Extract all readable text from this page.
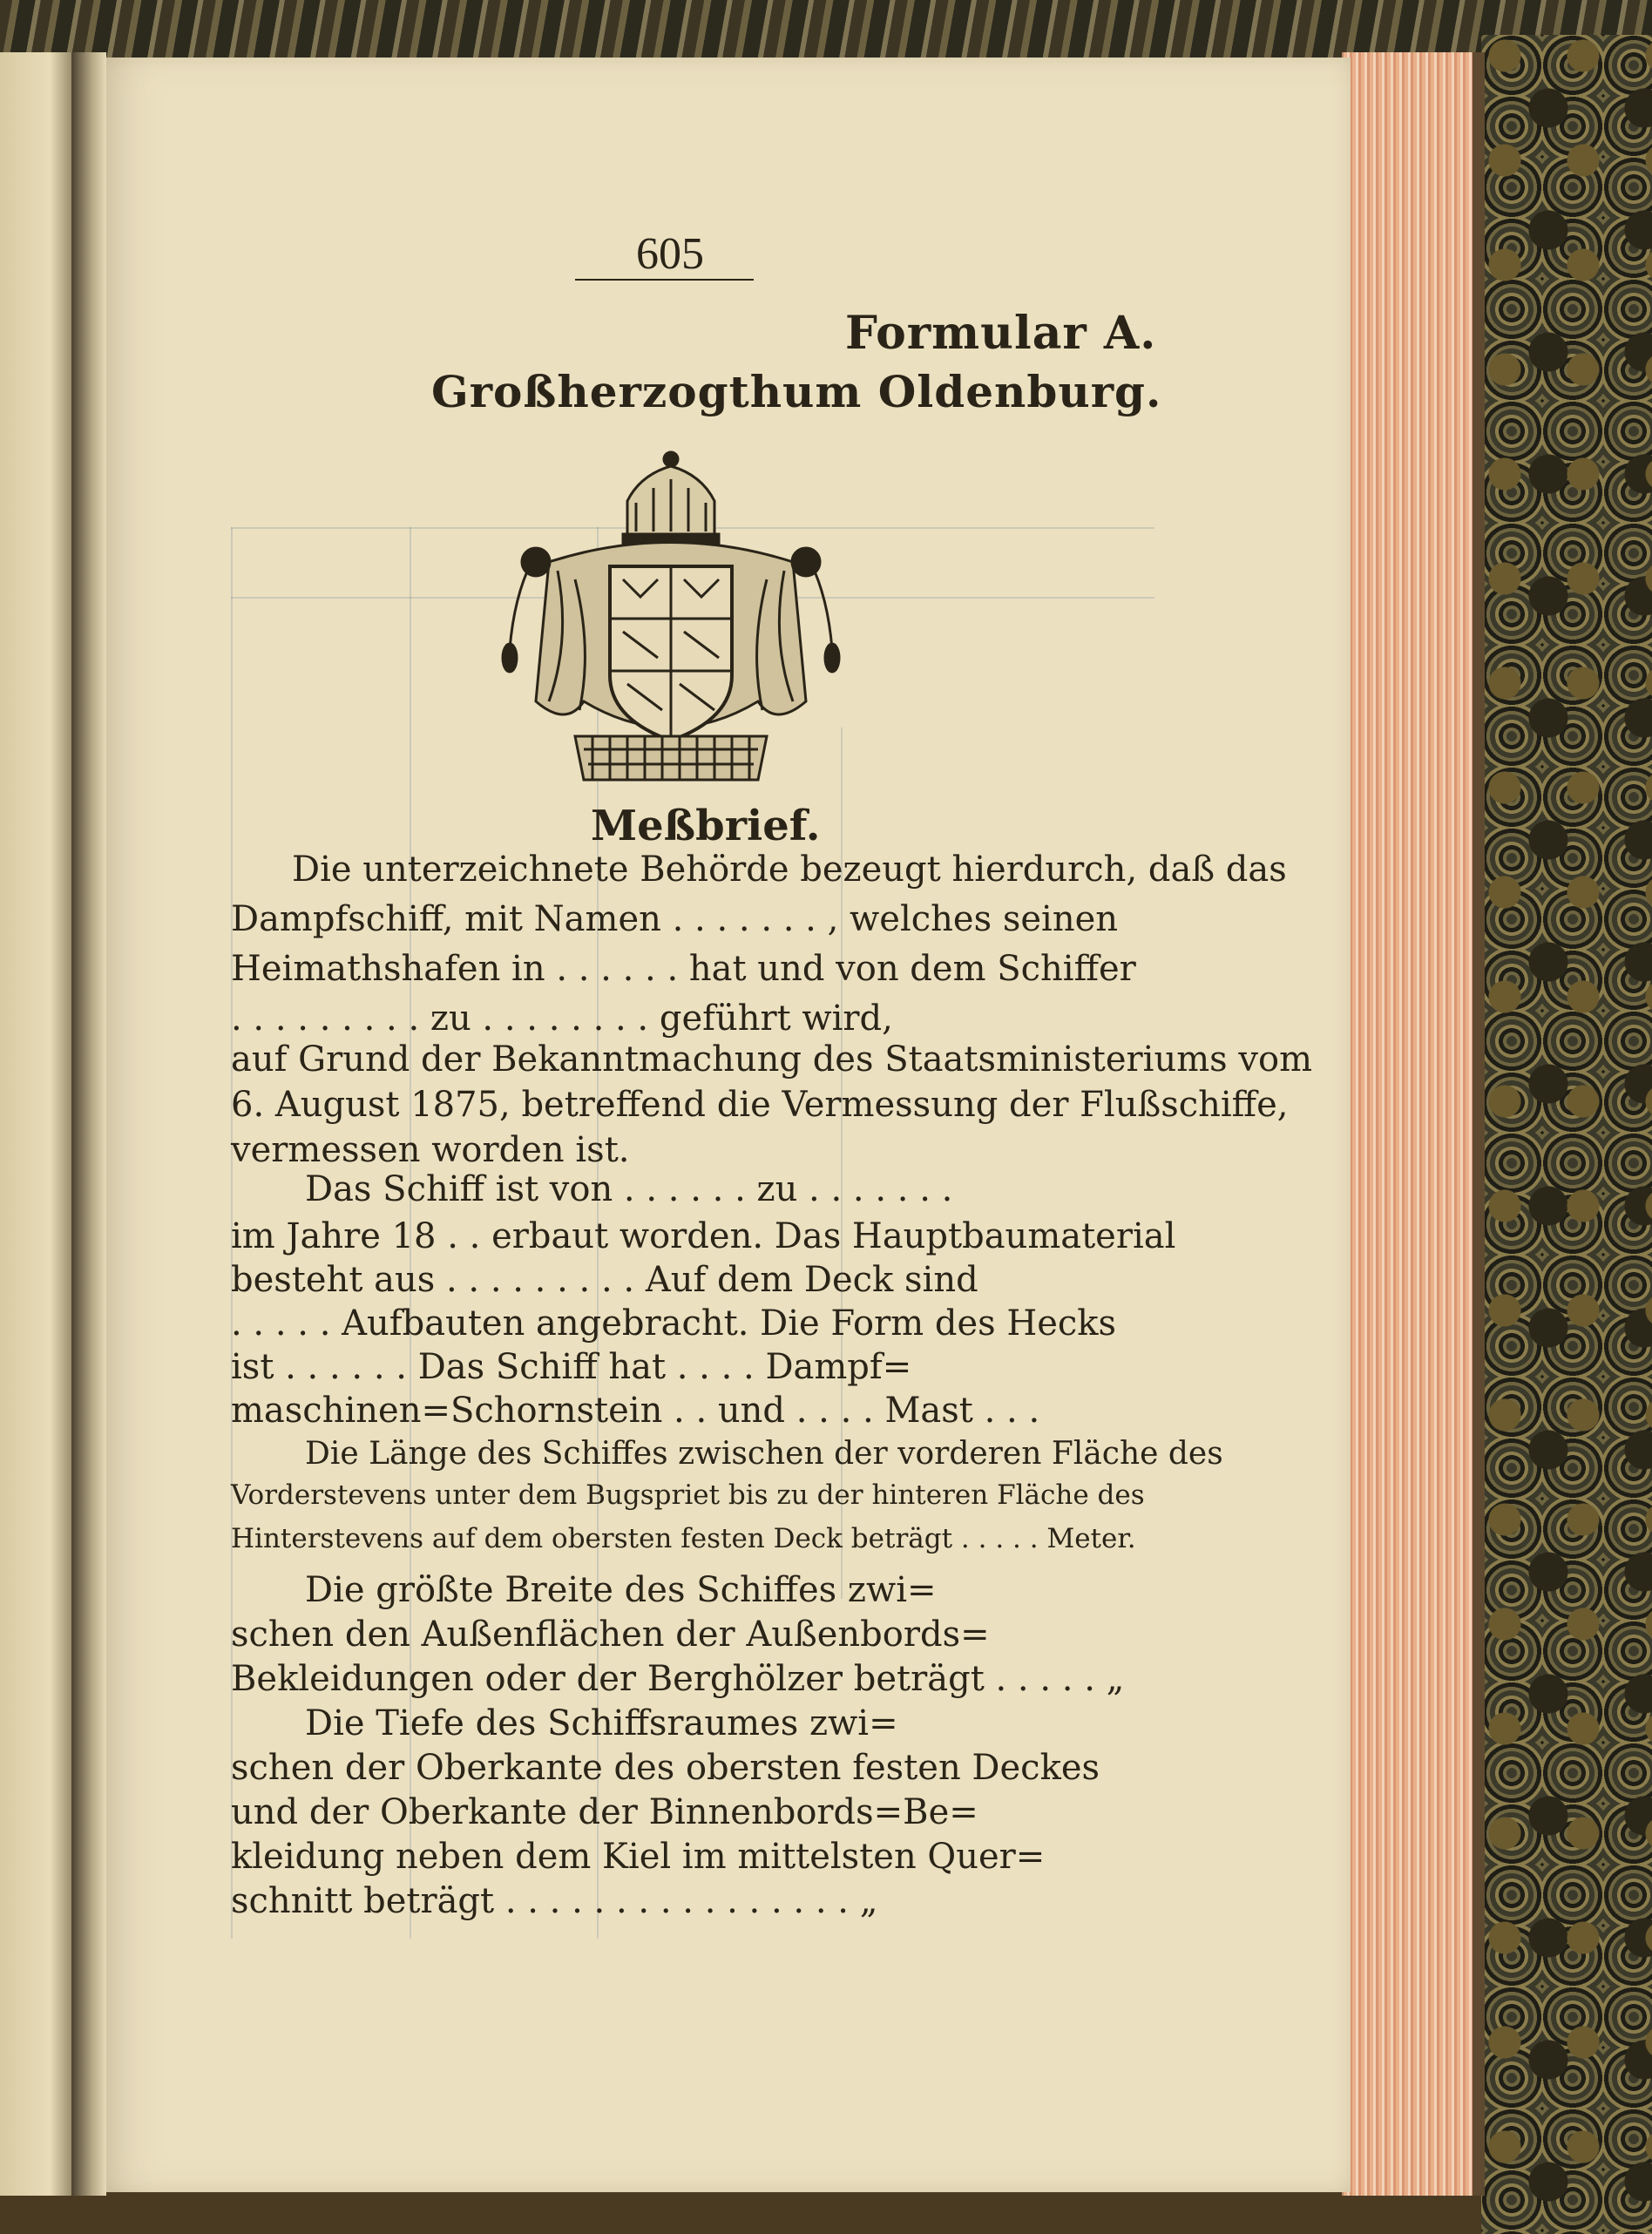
605
Formular A.
Großherzogthum Oldenburg.
Meßbrief.
Die unterzeichnete Behörde bezeugt hierdurch, daß das
Dampfschiff, mit Namen . . . . . . . , welches seinen
Heimathshafen in . . . . . . hat und von dem Schiffer
. . . . . . . . . zu . . . . . . . . geführt wird,
auf Grund der Bekanntmachung des Staatsministeriums vom
6. August 1875, betreffend die Vermessung der Flußschiffe,
vermessen worden ist.
Das Schiff ist von . . . . . . zu . . . . . . .
im Jahre 18 . . erbaut worden. Das Hauptbaumaterial
besteht aus . . . . . . . . . Auf dem Deck sind
. . . . . Aufbauten angebracht. Die Form des Hecks
ist . . . . . . Das Schiff hat . . . . Dampf=
maschinen=Schornstein . . und . . . . Mast . . .
Die Länge des Schiffes zwischen der vorderen Fläche des
Vorderstevens unter dem Bugspriet bis zu der hinteren Fläche des
Hinterstevens auf dem obersten festen Deck beträgt . . . . . Meter.
Die größte Breite des Schiffes zwi=
schen den Außenflächen der Außenbords=
Bekleidungen oder der Berghölzer beträgt . . . . . „
Die Tiefe des Schiffsraumes zwi=
schen der Oberkante des obersten festen Deckes
und der Oberkante der Binnenbords=Be=
kleidung neben dem Kiel im mittelsten Quer=
schnitt beträgt . . . . . . . . . . . . . . . . „
